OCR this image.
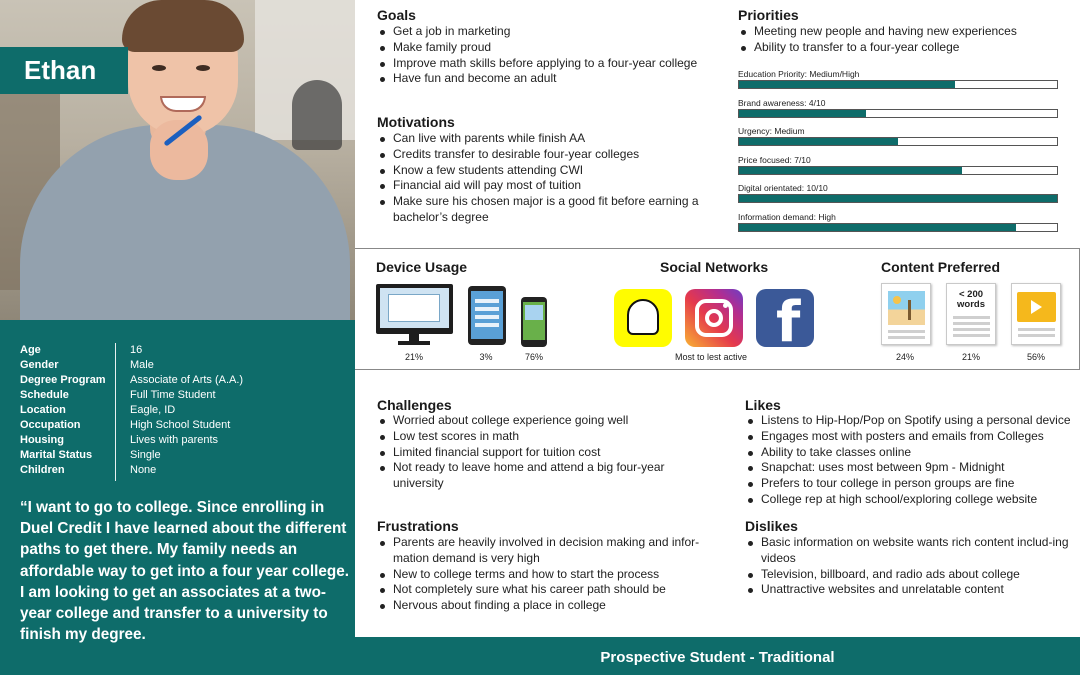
Ethan
Age	16
Gender	Male
Degree Program	Associate of Arts (A.A.)
Schedule	Full Time Student
Location	Eagle, ID
Occupation	High School Student
Housing	Lives with parents
Marital Status	Single
Children	None
“I want to go to college. Since enrolling in Duel Credit I have learned about the different paths to get there. My family needs an affordable way to get into a four year college. I am looking to get an associates at a two-year college and transfer to a university to finish my degree.
Goals
Get a job in marketing
Make family proud
Improve math skills before applying to a four-year college
Have fun and become an adult
Motivations
Can live with parents while finish AA
Credits transfer to desirable four-year colleges
Know a few students attending CWI
Financial aid will pay most of tuition
Make sure his chosen major is a good fit before earning a bachelor’s degree
Priorities
Meeting new people and having new experiences
Ability to transfer to a four-year college
Education Priority: Medium/High
Brand awareness: 4/10
Urgency: Medium
Price focused: 7/10
Digital orientated: 10/10
Information demand: High
Device Usage
21%	3%	76%
Social Networks
f
Most to lest active
Content Preferred
< 200 words
24%	21%	56%
Challenges
Worried about college experience going well
Low test scores in math
Limited financial support for tuition cost
Not ready to leave home and attend a big four-year university
Frustrations
Parents are heavily involved in decision making and infor-mation demand is very high
New to college terms and how to start the process
Not completely sure what his career path should be
Nervous about finding a place in college
Likes
Listens to Hip-Hop/Pop on Spotify using a personal device
Engages most with posters and emails from Colleges
Ability to take classes online
Snapchat: uses most between 9pm - Midnight
Prefers to tour college in person groups are fine
College rep at high school/exploring college website
Dislikes
Basic information on website wants rich content includ-ing videos
Television, billboard, and radio ads about college
Unattractive websites and unrelatable content
Prospective Student - Traditional
